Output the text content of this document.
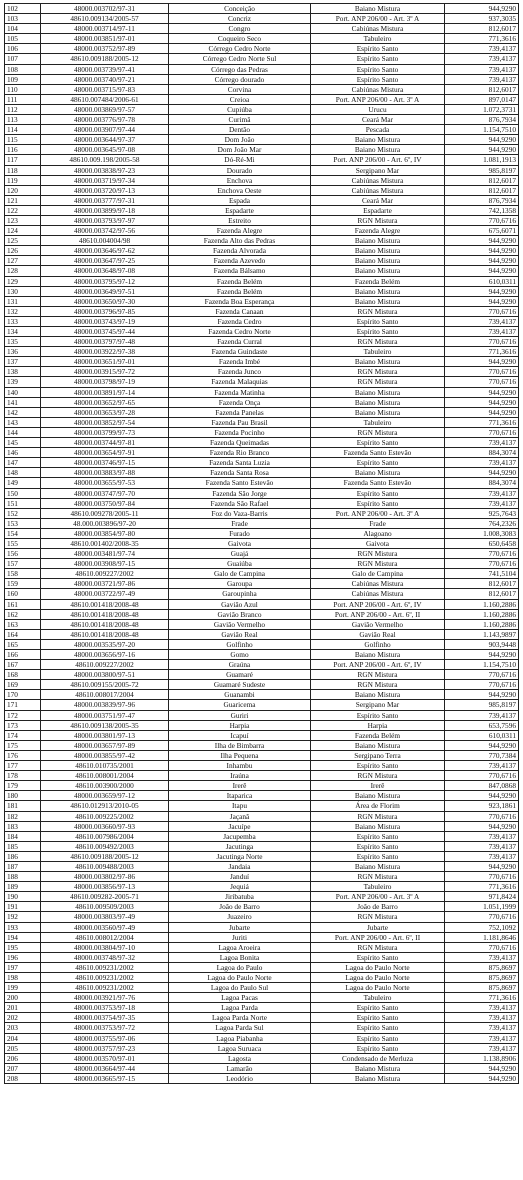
102	48000.003702/97-31	Conceição	Baiano Mistura	944,9290
103	48610.009134/2005-57	Concriz	Port. ANP 206/00 - Art. 3º A	937,3035
104	48000.003714/97-11	Congro	Cabiúnas Mistura	812,6017
105	48000.003851/97-01	Coqueiro Seco	Tabuleiro	771,3616
106	48000.003752/97-89	Córrego Cedro Norte	Espírito Santo	739,4137
107	48610.009188/2005-12	Córrego Cedro Norte Sul	Espírito Santo	739,4137
108	48000.003739/97-41	Córrego das Pedras	Espírito Santo	739,4137
109	48000.003740/97-21	Córrego dourado	Espírito Santo	739,4137
110	48000.003715/97-83	Corvina	Cabiúnas Mistura	812,6017
111	48610.007484/2006-61	Creioa	Port. ANP 206/00 - Art. 3º A	897,0147
112	48000.003869/97-57	Cupiúba	Urucu	1.072,3731
113	48000.003776/97-78	Curimã	Ceará Mar	876,7934
114	48000.003907/97-44	Dentão	Pescada	1.154,7510
115	48000.003644/97-37	Dom João	Baiano Mistura	944,9290
116	48000.003645/97-08	Dom João Mar	Baiano Mistura	944,9290
117	48610.009.198/2005-58	Dó-Ré-Mi	Port. ANP 206/00 - Art. 6º, IV	1.081,1913
118	48000.003838/97-23	Dourado	Sergipano Mar	985,8197
119	48000.003719/97-34	Enchova	Cabiúnas Mistura	812,6017
120	48000.003720/97-13	Enchova Oeste	Cabiúnas Mistura	812,6017
121	48000.003777/97-31	Espada	Ceará Mar	876,7934
122	48000.003899/97-18	Espadarte	Espadarte	742,1358
123	48000.003793/97-97	Estreito	RGN Mistura	770,6716
124	48000.003742/97-56	Fazenda Alegre	Fazenda Alegre	675,6071
125	48610.004004/98	Fazenda Alto das Pedras	Baiano Mistura	944,9290
126	48000.003646/97-62	Fazenda Alvorada	Baiano Mistura	944,9290
127	48000.003647/97-25	Fazenda Azevedo	Baiano Mistura	944,9290
128	48000.003648/97-08	Fazenda Bálsamo	Baiano Mistura	944,9290
129	48000.003795/97-12	Fazenda Belém	Fazenda Belém	610,0311
130	48000.003649/97-51	Fazenda Belém	Baiano Mistura	944,9290
131	48000.003650/97-30	Fazenda Boa Esperança	Baiano Mistura	944,9290
132	48000.003796/97-85	Fazenda Canaan	RGN Mistura	770,6716
133	48000.003743/97-19	Fazenda Cedro	Espírito Santo	739,4137
134	48000.003745/97-44	Fazenda Cedro Norte	Espírito Santo	739,4137
135	48000.003797/97-48	Fazenda Curral	RGN Mistura	770,6716
136	48000.003922/97-38	Fazenda Guindaste	Tabuleiro	771,3616
137	48000.003651/97-01	Fazenda Imbé	Baiano Mistura	944,9290
138	48000.003915/97-72	Fazenda Junco	RGN Mistura	770,6716
139	48000.003798/97-19	Fazenda Malaquias	RGN Mistura	770,6716
140	48000.003891/97-14	Fazenda Matinha	Baiano Mistura	944,9290
141	48000.003652/97-65	Fazenda Onça	Baiano Mistura	944,9290
142	48000.003653/97-28	Fazenda Panelas	Baiano Mistura	944,9290
143	48000.003852/97-54	Fazenda Pau Brasil	Tabuleiro	771,3616
144	48000.003799/97-73	Fazenda Pocinho	RGN Mistura	770,6716
145	48000.003744/97-81	Fazenda Queimadas	Espírito Santo	739,4137
146	48000.003654/97-91	Fazenda Rio Branco	Fazenda Santo Estevão	884,3074
147	48000.003746/97-15	Fazenda Santa Luzia	Espírito Santo	739,4137
148	48000.003883/97-88	Fazenda Santa Rosa	Baiano Mistura	944,9290
149	48000.003655/97-53	Fazenda Santo Estevão	Fazenda Santo Estevão	884,3074
150	48000.003747/97-70	Fazenda São Jorge	Espírito Santo	739,4137
151	48000.003750/97-84	Fazenda São Rafael	Espírito Santo	739,4137
152	48610.009278/2005-11	Foz do Vaza-Barris	Port. ANP 206/00 - Art. 3º A	925,7643
153	48.000.003896/97-20	Frade	Frade	764,2326
154	48000.003854/97-80	Furado	Alagoano	1.008,3083
155	48610.001402/2008-35	Gaivota	Gaivota	650,6458
156	48000.003481/97-74	Guajá	RGN Mistura	770,6716
157	48000.003908/97-15	Guaiúba	RGN Mistura	770,6716
158	48610.009227/2002	Galo de Campina	Galo de Campina	741,5104
159	48000.003721/97-86	Garoupa	Cabiúnas Mistura	812,6017
160	48000.003722/97-49	Garoupinha	Cabiúnas Mistura	812,6017
161	48610.001418/2008-48	Gavião Azul	Port. ANP 206/00 - Art. 6º, IV	1.160,2886
162	48610.001418/2008-48	Gavião Branco	Port. ANP 206/00 - Art. 6º, II	1.160,2886
163	48610.001418/2008-48	Gavião Vermelho	Gavião Vermelho	1.160,2886
164	48610.001418/2008-48	Gavião Real	Gavião Real	1.143,9897
165	48000.003535/97-20	Golfinho	Golfinho	903,9448
166	48000.003656/97-16	Gomo	Baiano Mistura	944,9290
167	48610.009227/2002	Graúna	Port. ANP 206/00 - Art. 6º, IV	1.154,7510
168	48000.003800/97-51	Guamaré	RGN Mistura	770,6716
169	48610.009155/2005-72	Guamaré Sudeste	RGN Mistura	770,6716
170	48610.008017/2004	Guanambi	Baiano Mistura	944,9290
171	48000.003839/97-96	Guaricema	Sergipano Mar	985,8197
172	48000.003751/97-47	Guriri	Espírito Santo	739,4137
173	48610.009138/2005-35	Harpia	Harpia	653,7596
174	48000.003801/97-13	Icapuí	Fazenda Belém	610,0311
175	48000.003657/97-89	Ilha de Bimbarra	Baiano Mistura	944,9290
176	48000.003855/97-42	Ilha Pequena	Sergipano Terra	770,7384
177	48610.010735/2001	Inhambu	Espírito Santo	739,4137
178	48610.008001/2004	Iraúna	RGN Mistura	770,6716
179	48610.003900/2000	Irerê	Irerê	847,0868
180	48000.003659/97-12	Itaparica	Baiano Mistura	944,9290
181	48610.012913/2010-05	Itapu	Área de Florim	923,1861
182	48610.009225/2002	Jaçanã	RGN Mistura	770,6716
183	48000.003660/97-93	Jacuípe	Baiano Mistura	944,9290
184	48610.007986/2004	Jacupemba	Espírito Santo	739,4137
185	48610.009492/2003	Jacutinga	Espírito Santo	739,4137
186	48610.009188/2005-12	Jacutinga Norte	Espírito Santo	739,4137
187	48610.009488/2003	Jandaia	Baiano Mistura	944,9290
188	48000.003802/97-86	Janduí	RGN Mistura	770,6716
189	48000.003856/97-13	Jequiá	Tabuleiro	771,3616
190	48610.009282-2005-71	Jiribatuba	Port. ANP 206/00 - Art. 3º A	971,8424
191	48610.009509/2003	João de Barro	João de Barro	1.051,1999
192	48000.003803/97-49	Juazeiro	RGN Mistura	770,6716
193	48000.003560/97-49	Jubarte	Jubarte	752,1092
194	48610.008012/2004	Juriti	Port. ANP 206/00 - Art. 6º, II	1.181,8646
195	48000.003804/97-10	Lagoa Aroeira	RGN Mistura	770,6716
196	48000.003748/97-32	Lagoa Bonita	Espírito Santo	739,4137
197	48610.009231/2002	Lagoa do Paulo	Lagoa do Paulo Norte	875,8697
198	48610.009231/2002	Lagoa do Paulo Norte	Lagoa do Paulo Norte	875,8697
199	48610.009231/2002	Lagoa do Paulo Sul	Lagoa do Paulo Norte	875,8697
200	48000.003921/97-76	Lagoa Pacas	Tabuleiro	771,3616
201	48000.003753/97-18	Lagoa Parda	Espírito Santo	739,4137
202	48000.003754/97-35	Lagoa Parda Norte	Espírito Santo	739,4137
203	48000.003753/97-72	Lagoa Parda Sul	Espírito Santo	739,4137
204	48000.003755/97-06	Lagoa Piabanha	Espírito Santo	739,4137
205	48000.003757/97-23	Lagoa Suruaca	Espírito Santo	739,4137
206	48000.003570/97-01	Lagosta	Condensado de Merluza	1.138,8906
207	48000.003664/97-44	Lamarão	Baiano Mistura	944,9290
208	48000.003665/97-15	Leodório	Baiano Mistura	944,9290
